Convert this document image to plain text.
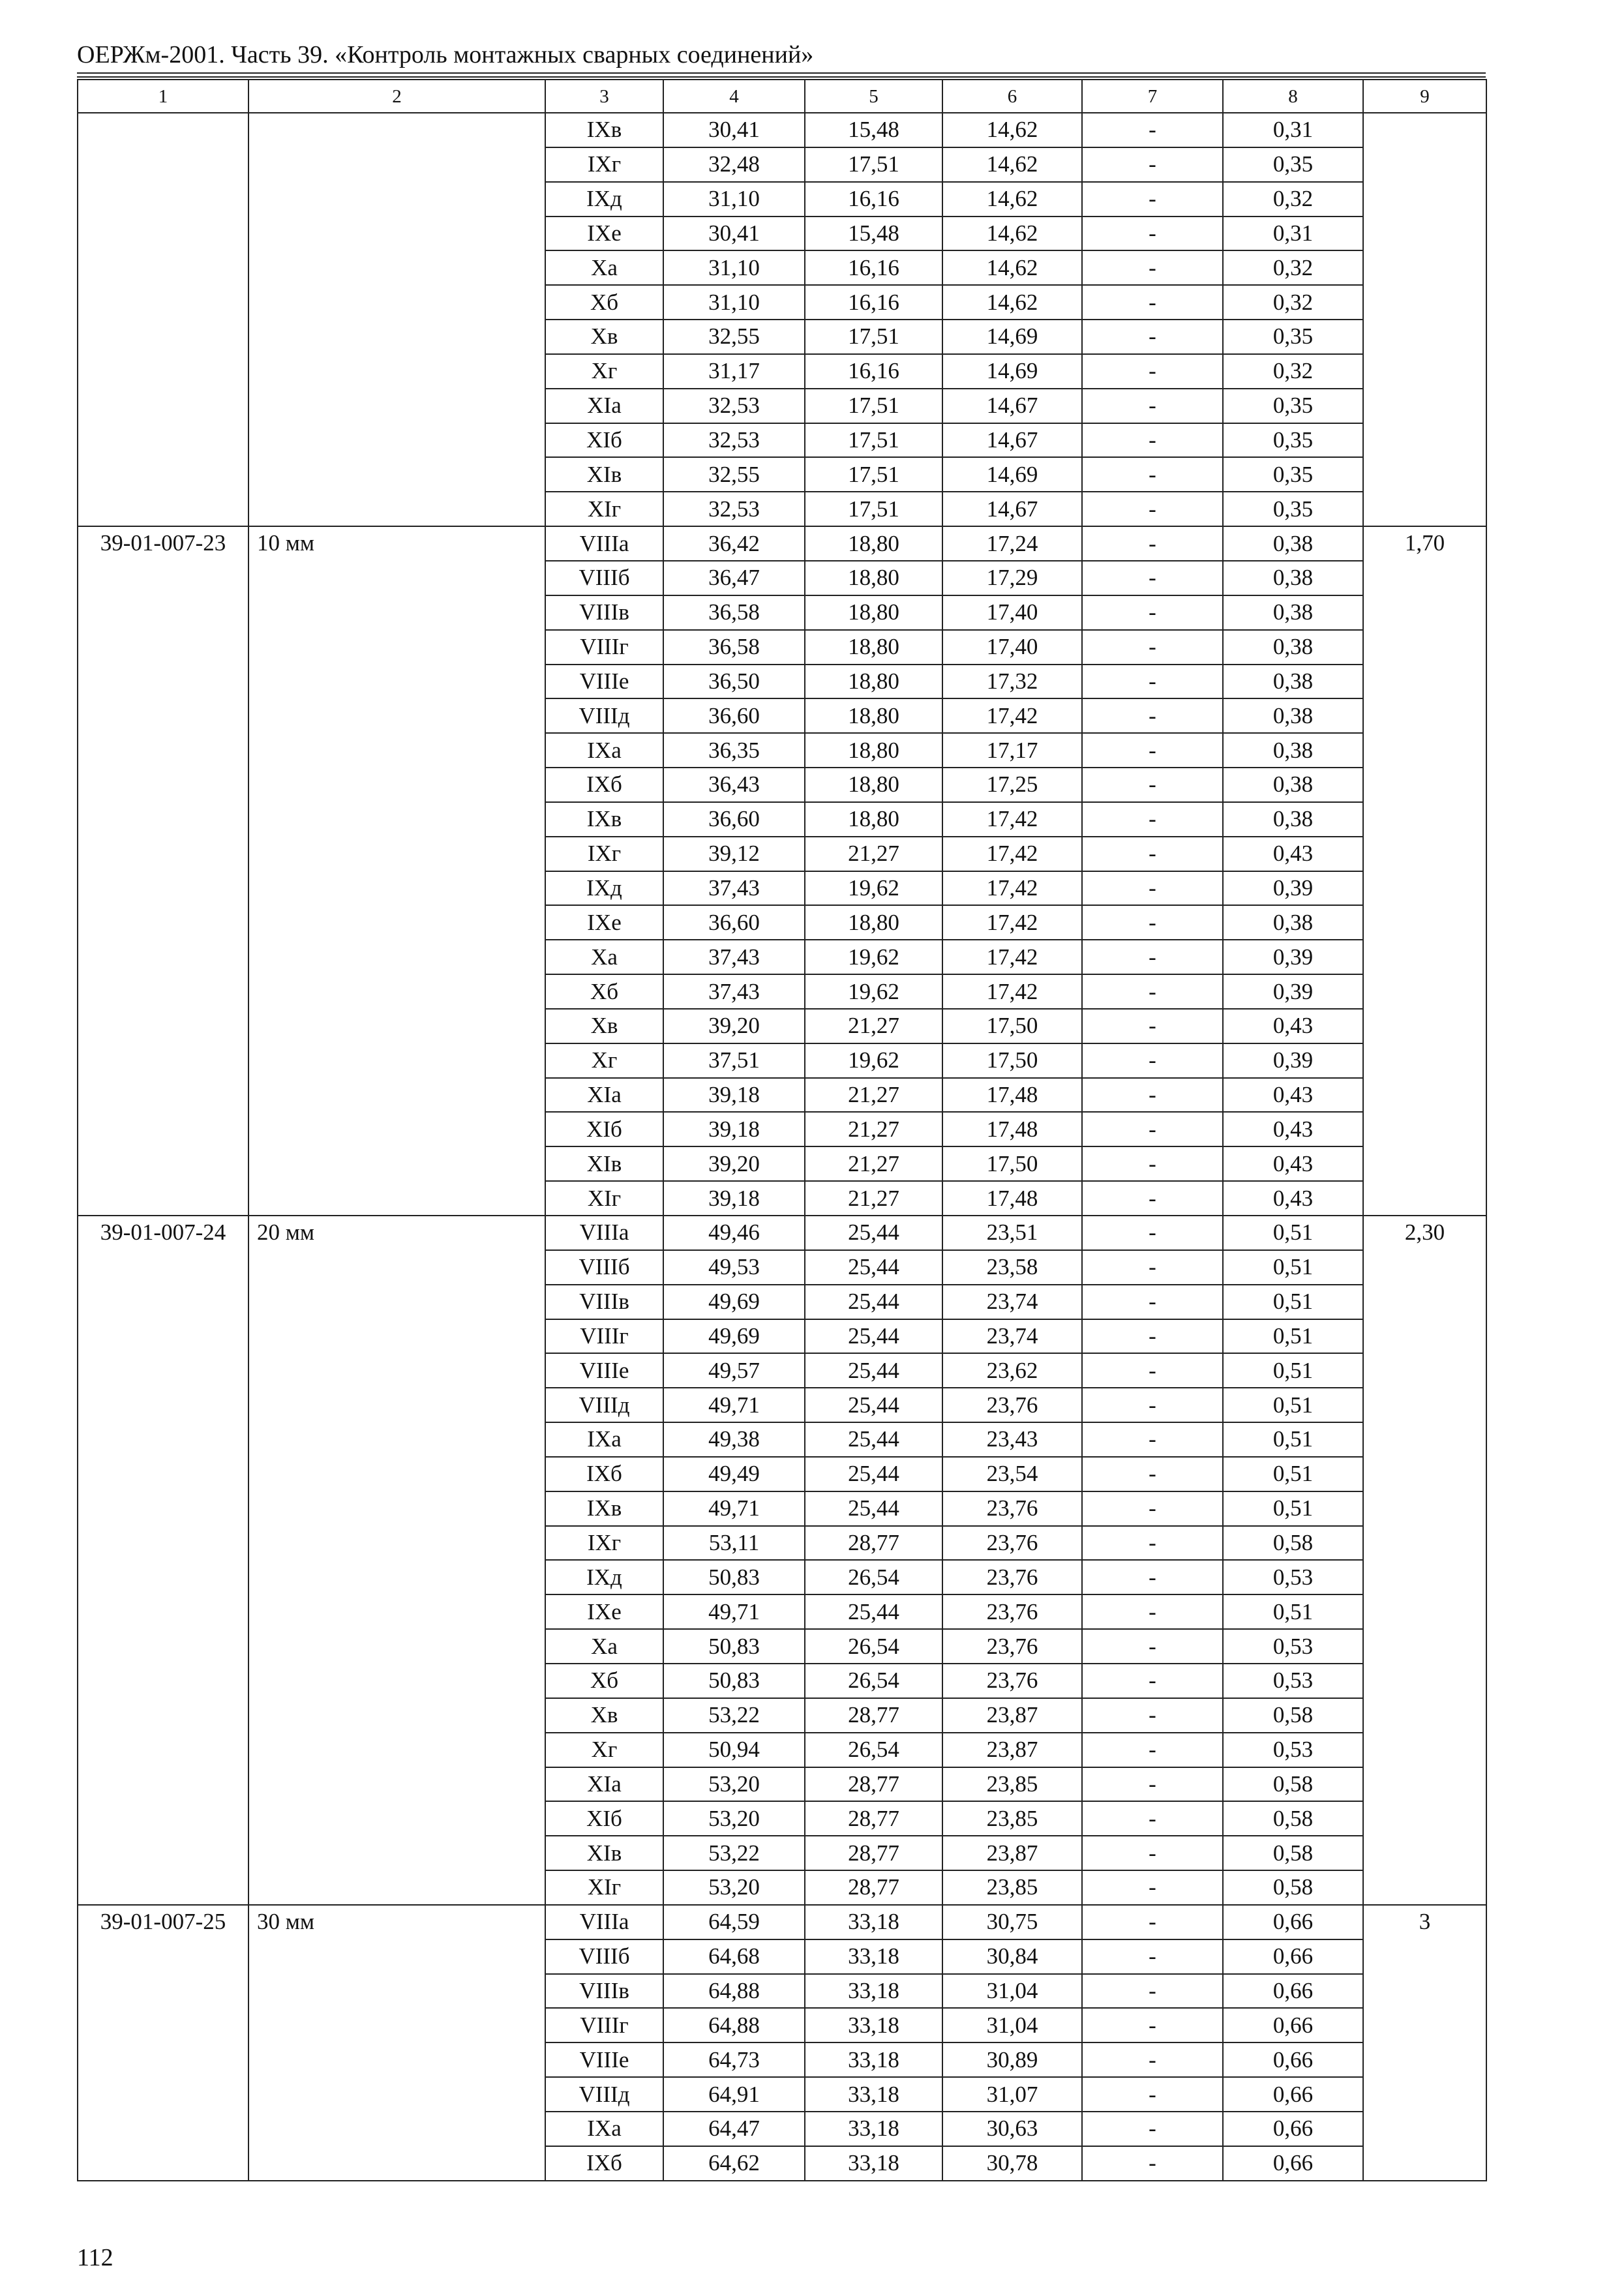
ОЕРЖм-2001. Часть 39. «Контроль монтажных сварных соединений»
1	2	3	4	5	6	7	8	9
		IXв	30,41	15,48	14,62	-	0,31	
		IXг	32,48	17,51	14,62	-	0,35	
		IXд	31,10	16,16	14,62	-	0,32	
		IXе	30,41	15,48	14,62	-	0,31	
		Xа	31,10	16,16	14,62	-	0,32	
		Xб	31,10	16,16	14,62	-	0,32	
		Xв	32,55	17,51	14,69	-	0,35	
		Xг	31,17	16,16	14,69	-	0,32	
		XIа	32,53	17,51	14,67	-	0,35	
		XIб	32,53	17,51	14,67	-	0,35	
		XIв	32,55	17,51	14,69	-	0,35	
		XIг	32,53	17,51	14,67	-	0,35	
39-01-007-23	10 мм	VIIIа	36,42	18,80	17,24	-	0,38	1,70
		VIIIб	36,47	18,80	17,29	-	0,38	
		VIIIв	36,58	18,80	17,40	-	0,38	
		VIIIг	36,58	18,80	17,40	-	0,38	
		VIIIе	36,50	18,80	17,32	-	0,38	
		VIIIд	36,60	18,80	17,42	-	0,38	
		IXа	36,35	18,80	17,17	-	0,38	
		IXб	36,43	18,80	17,25	-	0,38	
		IXв	36,60	18,80	17,42	-	0,38	
		IXг	39,12	21,27	17,42	-	0,43	
		IXд	37,43	19,62	17,42	-	0,39	
		IXе	36,60	18,80	17,42	-	0,38	
		Xа	37,43	19,62	17,42	-	0,39	
		Xб	37,43	19,62	17,42	-	0,39	
		Xв	39,20	21,27	17,50	-	0,43	
		Xг	37,51	19,62	17,50	-	0,39	
		XIа	39,18	21,27	17,48	-	0,43	
		XIб	39,18	21,27	17,48	-	0,43	
		XIв	39,20	21,27	17,50	-	0,43	
		XIг	39,18	21,27	17,48	-	0,43	
39-01-007-24	20 мм	VIIIа	49,46	25,44	23,51	-	0,51	2,30
		VIIIб	49,53	25,44	23,58	-	0,51	
		VIIIв	49,69	25,44	23,74	-	0,51	
		VIIIг	49,69	25,44	23,74	-	0,51	
		VIIIе	49,57	25,44	23,62	-	0,51	
		VIIIд	49,71	25,44	23,76	-	0,51	
		IXа	49,38	25,44	23,43	-	0,51	
		IXб	49,49	25,44	23,54	-	0,51	
		IXв	49,71	25,44	23,76	-	0,51	
		IXг	53,11	28,77	23,76	-	0,58	
		IXд	50,83	26,54	23,76	-	0,53	
		IXе	49,71	25,44	23,76	-	0,51	
		Xа	50,83	26,54	23,76	-	0,53	
		Xб	50,83	26,54	23,76	-	0,53	
		Xв	53,22	28,77	23,87	-	0,58	
		Xг	50,94	26,54	23,87	-	0,53	
		XIа	53,20	28,77	23,85	-	0,58	
		XIб	53,20	28,77	23,85	-	0,58	
		XIв	53,22	28,77	23,87	-	0,58	
		XIг	53,20	28,77	23,85	-	0,58	
39-01-007-25	30 мм	VIIIа	64,59	33,18	30,75	-	0,66	3
		VIIIб	64,68	33,18	30,84	-	0,66	
		VIIIв	64,88	33,18	31,04	-	0,66	
		VIIIг	64,88	33,18	31,04	-	0,66	
		VIIIе	64,73	33,18	30,89	-	0,66	
		VIIIд	64,91	33,18	31,07	-	0,66	
		IXа	64,47	33,18	30,63	-	0,66	
		IXб	64,62	33,18	30,78	-	0,66	
112
